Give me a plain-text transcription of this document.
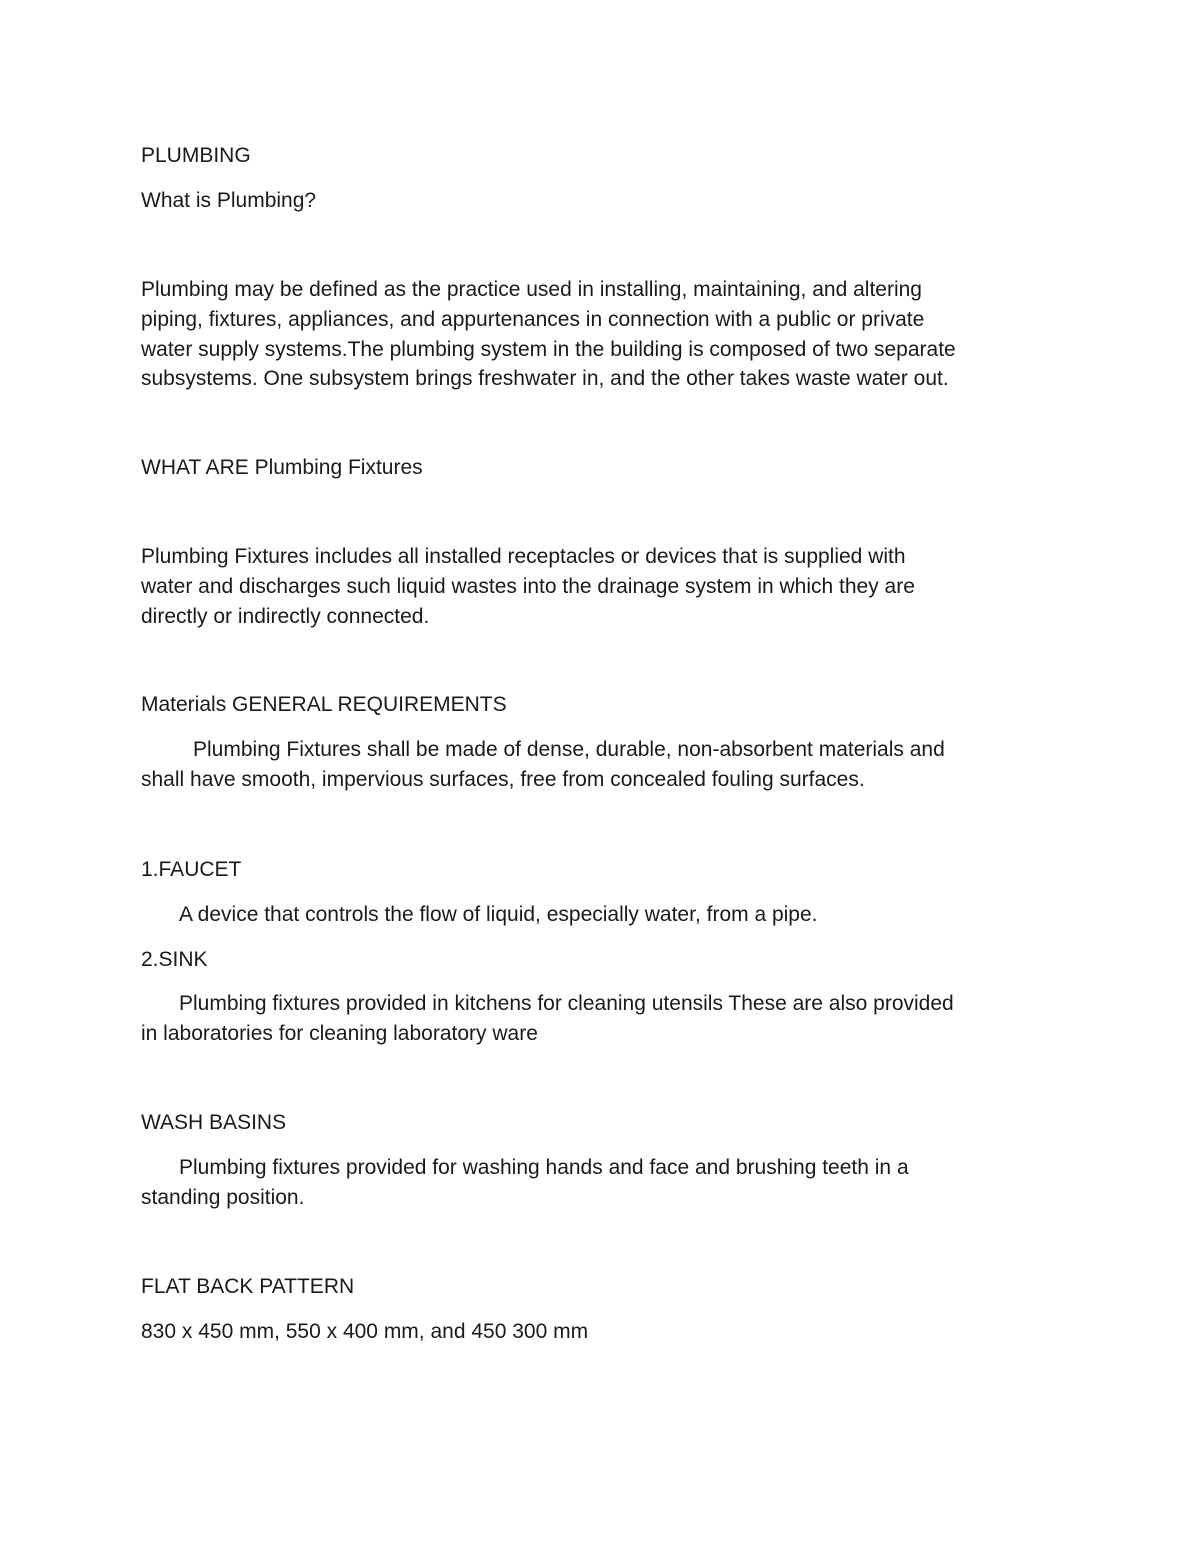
PLUMBING

What is Plumbing?

Plumbing may be defined as the practice used in installing, maintaining, and altering

piping, fixtures, appliances, and appurtenances in connection with a public or private

water supply systems.The plumbing system in the building is composed of two separate

subsystems. One subsystem brings freshwater in, and the other takes waste water out.

WHAT ARE Plumbing Fixtures

Plumbing Fixtures includes all installed receptacles or devices that is supplied with

water and discharges such liquid wastes into the drainage system in which they are

directly or indirectly connected.

Materials GENERAL REQUIREMENTS

Plumbing Fixtures shall be made of dense, durable, non-absorbent materials and

shall have smooth, impervious surfaces, free from concealed fouling surfaces.

1.FAUCET

A device that controls the flow of liquid, especially water, from a pipe.

2.SINK

Plumbing fixtures provided in kitchens for cleaning utensils These are also provided

in laboratories for cleaning laboratory ware

WASH BASINS

Plumbing fixtures provided for washing hands and face and brushing teeth in a

standing position.

FLAT BACK PATTERN

830 x 450 mm, 550 x 400 mm, and 450 300 mm
